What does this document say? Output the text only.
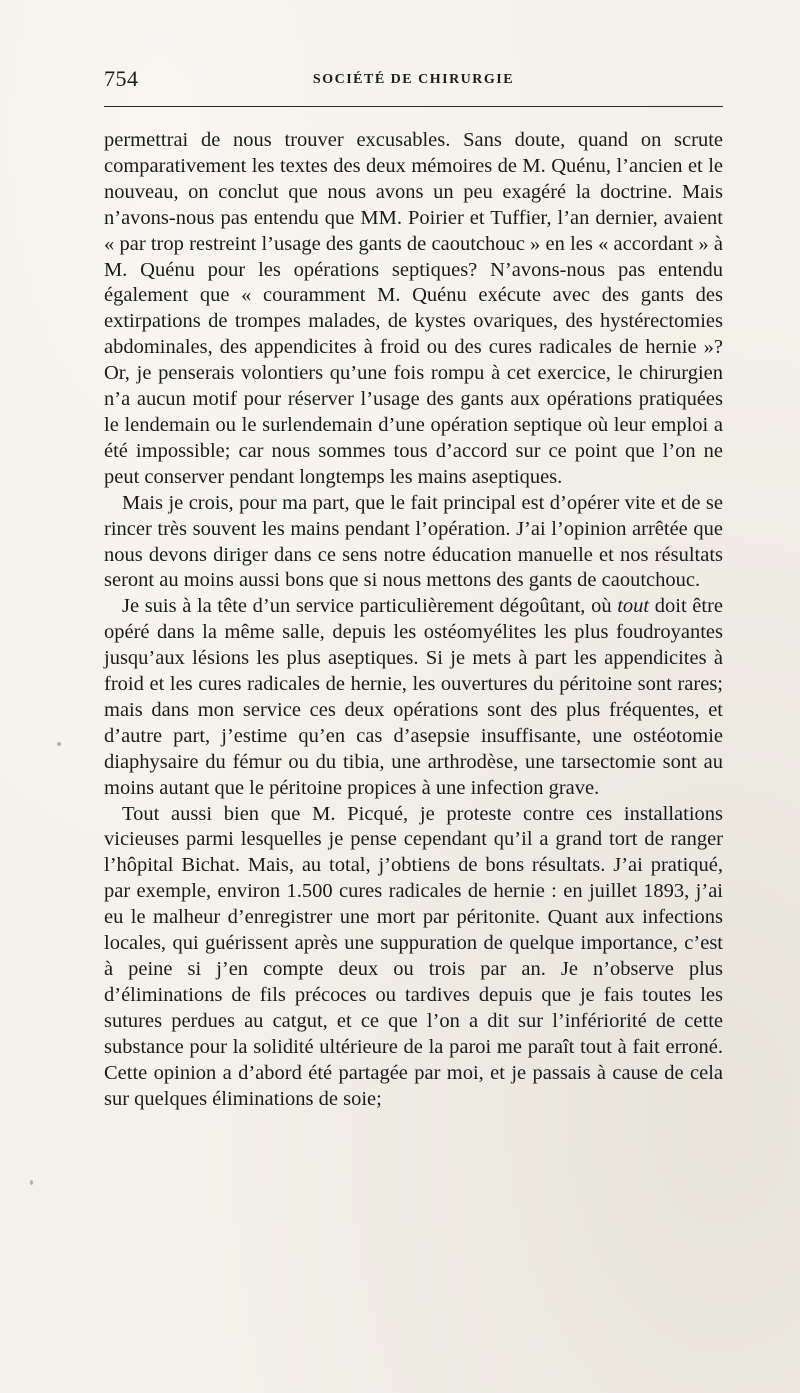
754	SOCIÉTÉ DE CHIRURGIE

permettrai de nous trouver excusables. Sans doute, quand on scrute comparativement les textes des deux mémoires de M. Quénu, l’ancien et le nouveau, on conclut que nous avons un peu exagéré la doctrine. Mais n’avons-nous pas entendu que MM. Poirier et Tuffier, l’an dernier, avaient « par trop restreint l’usage des gants de caoutchouc » en les « accordant » à M. Quénu pour les opérations septiques? N’avons-nous pas entendu également que « couramment M. Quénu exécute avec des gants des extirpations de trompes malades, de kystes ovariques, des hystérectomies abdominales, des appendicites à froid ou des cures radicales de hernie »? Or, je penserais volontiers qu’une fois rompu à cet exercice, le chirurgien n’a aucun motif pour réserver l’usage des gants aux opérations pratiquées le lendemain ou le surlendemain d’une opération septique où leur emploi a été impossible; car nous sommes tous d’accord sur ce point que l’on ne peut conserver pendant longtemps les mains aseptiques.

Mais je crois, pour ma part, que le fait principal est d’opérer vite et de se rincer très souvent les mains pendant l’opération. J’ai l’opinion arrêtée que nous devons diriger dans ce sens notre éducation manuelle et nos résultats seront au moins aussi bons que si nous mettons des gants de caoutchouc.

Je suis à la tête d’un service particulièrement dégoûtant, où tout doit être opéré dans la même salle, depuis les ostéomyélites les plus foudroyantes jusqu’aux lésions les plus aseptiques. Si je mets à part les appendicites à froid et les cures radicales de hernie, les ouvertures du péritoine sont rares; mais dans mon service ces deux opérations sont des plus fréquentes, et d’autre part, j’estime qu’en cas d’asepsie insuffisante, une ostéotomie diaphysaire du fémur ou du tibia, une arthrodèse, une tarsectomie sont au moins autant que le péritoine propices à une infection grave.

Tout aussi bien que M. Picqué, je proteste contre ces installations vicieuses parmi lesquelles je pense cependant qu’il a grand tort de ranger l’hôpital Bichat. Mais, au total, j’obtiens de bons résultats. J’ai pratiqué, par exemple, environ 1.500 cures radicales de hernie : en juillet 1893, j’ai eu le malheur d’enregistrer une mort par péritonite. Quant aux infections locales, qui guérissent après une suppuration de quelque importance, c’est à peine si j’en compte deux ou trois par an. Je n’observe plus d’éliminations de fils précoces ou tardives depuis que je fais toutes les sutures perdues au catgut, et ce que l’on a dit sur l’infériorité de cette substance pour la solidité ultérieure de la paroi me paraît tout à fait erroné. Cette opinion a d’abord été partagée par moi, et je passais à cause de cela sur quelques éliminations de soie;
